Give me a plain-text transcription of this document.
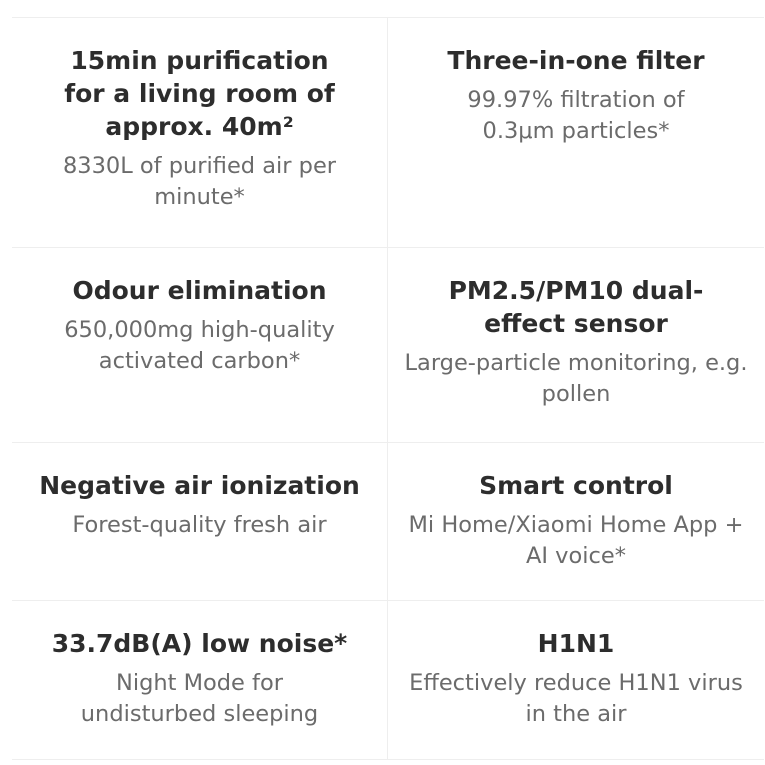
15min purification for a living room of approx. 40m²
8330L of purified air per minute*
Three-in-one filter
99.97% filtration of 0.3μm particles*
Odour elimination
650,000mg high-quality activated carbon*
PM2.5/PM10 dual-effect sensor
Large-particle monitoring, e.g. pollen
Negative air ionization
Forest-quality fresh air
Smart control
Mi Home/Xiaomi Home App + AI voice*
33.7dB(A) low noise*
Night Mode for undisturbed sleeping
H1N1
Effectively reduce H1N1 virus in the air
